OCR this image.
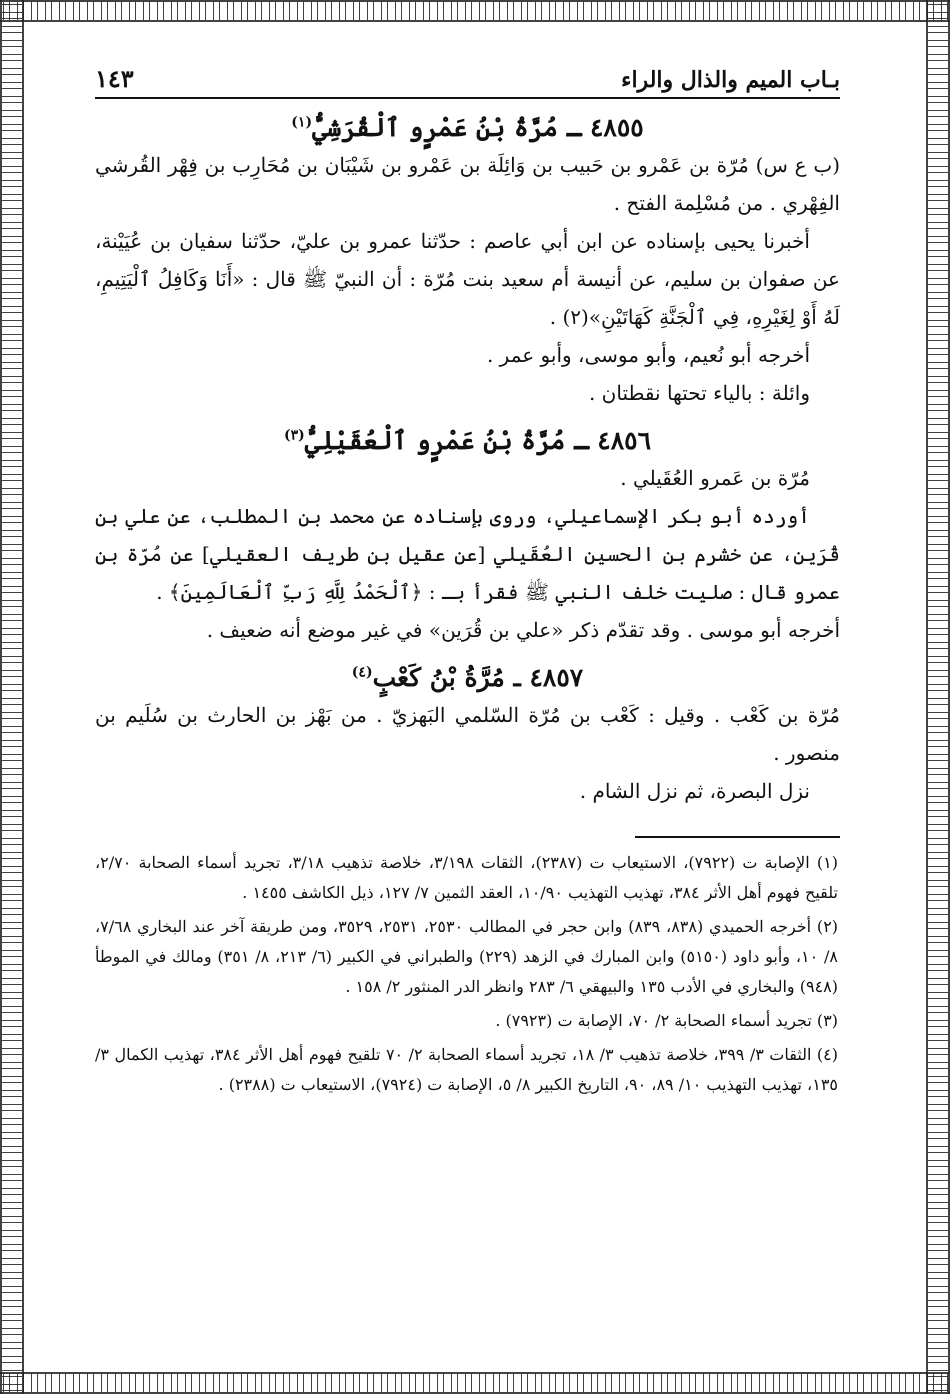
بـاب الميم والذال والراء
١٤٣
٤٨٥٥ ـ مُرَّةُ بْنُ عَمْرٍو ٱلْقُرَشِيُّ$^{(١)}$

(ب ع س) مُرّة بن عَمْرو بن حَبيب بن وَائِلَة بن عَمْرو بن شَيْبَان بن مُحَارِب بن فِهْر القُرشي الفِهْري . من مُسْلِمة الفتح .

أخبرنا يحيى بإسناده عن ابن أبي عاصم : حدّثنا عمرو بن عليّ، حدّثنا سفيان بن عُيَيْنة، عن صفوان بن سليم، عن أنيسة أم سعيد بنت مُرّة : أن النبيّ ﷺ قال : «أَنَا وَكَافِلُ ٱلْيَتِيمِ، لَهُ أَوْ لِغَيْرِهِ، فِي ٱلْجَنَّةِ كَهَاتَيْنِ»(٢) .

أخرجه أبو نُعيم، وأبو موسى، وأبو عمر .

وائلة : بالياء تحتها نقطتان .

٤٨٥٦ ـ مُرَّةُ بْنُ عَمْرٍو ٱلْعُقَيْلِيُّ$^{(٣)}$

مُرّة بن عَمرو العُقَيلي .

أورده أبو بكر الإسماعيلي، وروى بإسناده عن محمد بن المطلب، عن علي بن قُرَين، عن خشرم بن الحسين العُقَيلي [عن عقيل بن طريف العقيلي] عن مُرّة بن عمرو قال : صليت خلف النبي ﷺ فقرأ بـ : ﴿ٱلْحَمْدُ لِلَّهِ رَبِّ ٱلْعَالَمِينَ﴾ .

أخرجه أبو موسى . وقد تقدّم ذكر «علي بن قُرَين» في غير موضع أنه ضعيف .

٤٨٥٧ ـ مُرَّةُ بْنُ كَعْبٍ$^{(٤)}$

مُرّة بن كَعْب . وقيل : كَعْب بن مُرّة السّلمي البَهزيّ . من بَهْز بن الحارث بن سُلَيم بن منصور .

نزل البصرة، ثم نزل الشام .

(١) الإصابة ت (٧٩٢٢)، الاستيعاب ت (٢٣٨٧)، الثقات ٣/١٩٨، خلاصة تذهيب ٣/١٨، تجريد أسماء الصحابة ٢/٧٠، تلقيح فهوم أهل الأثر ٣٨٤، تهذيب التهذيب ١٠/٩٠، العقد الثمين ٧/ ١٢٧، ذيل الكاشف ١٤٥٥ .
(٢) أخرجه الحميدي (٨٣٨، ٨٣٩) وابن حجر في المطالب ٢٥٣٠، ٢٥٣١، ٣٥٢٩، ومن طريقة آخر عند البخاري ٧/٦٨، ٨/ ١٠، وأبو داود (٥١٥٠) وابن المبارك في الزهد (٢٢٩) والطبراني في الكبير (٦/ ٢١٣، ٨/ ٣٥١) ومالك في الموطأ (٩٤٨) والبخاري في الأدب ١٣٥ والبيهقي ٦/ ٢٨٣ وانظر الدر المنثور ٢/ ١٥٨ .
(٣) تجريد أسماء الصحابة ٢/ ٧٠، الإصابة ت (٧٩٢٣) .
(٤) الثقات ٣/ ٣٩٩، خلاصة تذهيب ٣/ ١٨، تجريد أسماء الصحابة ٢/ ٧٠ تلقيح فهوم أهل الأثر ٣٨٤، تهذيب الكمال ٣/ ١٣٥، تهذيب التهذيب ١٠/ ٨٩، ٩٠، التاريخ الكبير ٨/ ٥، الإصابة ت (٧٩٢٤)، الاستيعاب ت (٢٣٨٨) .
